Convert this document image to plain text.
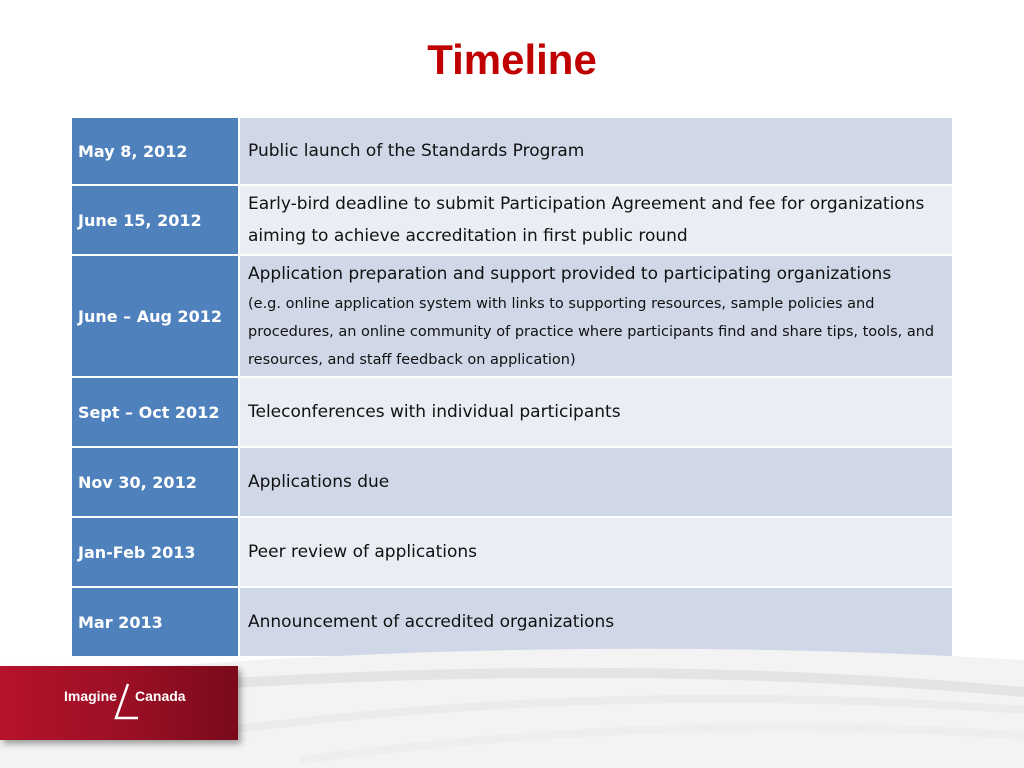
Timeline
May 8, 2012	Public launch of the Standards Program
June 15, 2012	Early-bird deadline to submit Participation Agreement and fee for organizations aiming to achieve accreditation in first public round
June – Aug 2012	Application preparation and support provided to participating organizations
(e.g. online application system with links to supporting resources, sample policies and procedures, an online community of practice where participants find and share tips, tools, and resources, and staff feedback on application)

Sept – Oct 2012	Teleconferences with individual participants
Nov 30, 2012	Applications due
Jan-Feb 2013	Peer review of applications
Mar 2013	Announcement of accredited organizations
Imagine Canada
